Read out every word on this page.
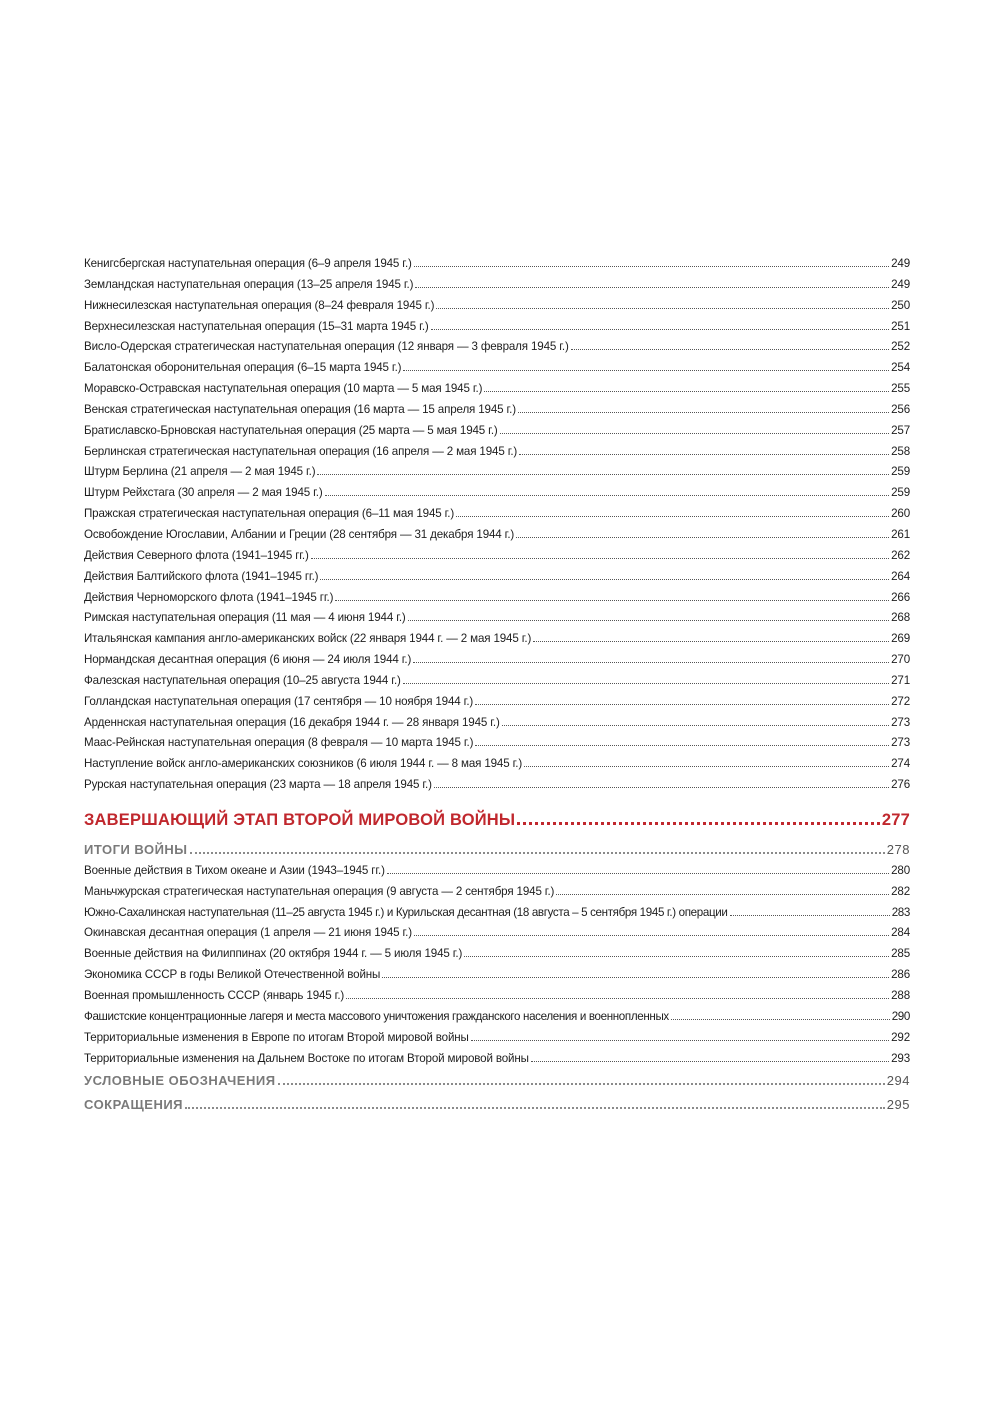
Кенигсбергская наступательная операция (6–9 апреля 1945 г.)	249
Земландская наступательная операция (13–25 апреля 1945 г.)	249
Нижнесилезская наступательная операция (8–24 февраля 1945 г.)	250
Верхнесилезская наступательная операция (15–31 марта 1945 г.)	251
Висло-Одерская стратегическая наступательная операция (12 января — 3 февраля 1945 г.)	252
Балатонская оборонительная операция (6–15 марта 1945 г.)	254
Моравско-Остравская наступательная операция (10 марта — 5 мая 1945 г.)	255
Венская стратегическая наступательная операция (16 марта — 15 апреля 1945 г.)	256
Братиславско-Брновская наступательная операция (25 марта — 5 мая 1945 г.)	257
Берлинская стратегическая наступательная операция (16 апреля — 2 мая 1945 г.)	258
Штурм Берлина (21 апреля — 2 мая 1945 г.)	259
Штурм Рейхстага (30 апреля — 2 мая 1945 г.)	259
Пражская стратегическая наступательная операция (6–11 мая 1945 г.)	260
Освобождение Югославии, Албании и Греции (28 сентября — 31 декабря 1944 г.)	261
Действия Северного флота (1941–1945 гг.)	262
Действия Балтийского флота (1941–1945 гг.)	264
Действия Черноморского флота (1941–1945 гг.)	266
Римская наступательная операция (11 мая — 4 июня 1944 г.)	268
Итальянская кампания англо-американских войск (22 января 1944 г. — 2 мая 1945 г.)	269
Нормандская десантная операция (6 июня — 24 июля 1944 г.)	270
Фалезская наступательная операция (10–25 августа 1944 г.)	271
Голландская наступательная операция (17 сентября — 10 ноября 1944 г.)	272
Арденнская наступательная операция (16 декабря 1944 г. — 28 января 1945 г.)	273
Маас-Рейнская наступательная операция (8 февраля — 10 марта 1945 г.)	273
Наступление войск англо-американских союзников (6 июля 1944 г. — 8 мая 1945 г.)	274
Рурская наступательная операция (23 марта — 18 апреля 1945 г.)	276
ЗАВЕРШАЮЩИЙ ЭТАП ВТОРОЙ МИРОВОЙ ВОЙНЫ	277
ИТОГИ ВОЙНЫ	278
Военные действия в Тихом океане и Азии (1943–1945 гг.)	280
Маньчжурская стратегическая наступательная операция (9 августа — 2 сентября 1945 г.)	282
Южно-Сахалинская наступательная (11–25 августа 1945 г.) и Курильская десантная (18 августа – 5 сентября 1945 г.) операции	283
Окинавская десантная операция (1 апреля — 21 июня 1945 г.)	284
Военные действия на Филиппинах (20 октября 1944 г. — 5 июля 1945 г.)	285
Экономика СССР в годы Великой Отечественной войны	286
Военная промышленность СССР (январь 1945 г.)	288
Фашистские концентрационные лагеря и места массового уничтожения гражданского населения и военнопленных	290
Территориальные изменения в Европе по итогам Второй мировой войны	292
Территориальные изменения на Дальнем Востоке по итогам Второй мировой войны	293
УСЛОВНЫЕ ОБОЗНАЧЕНИЯ	294
СОКРАЩЕНИЯ	295
